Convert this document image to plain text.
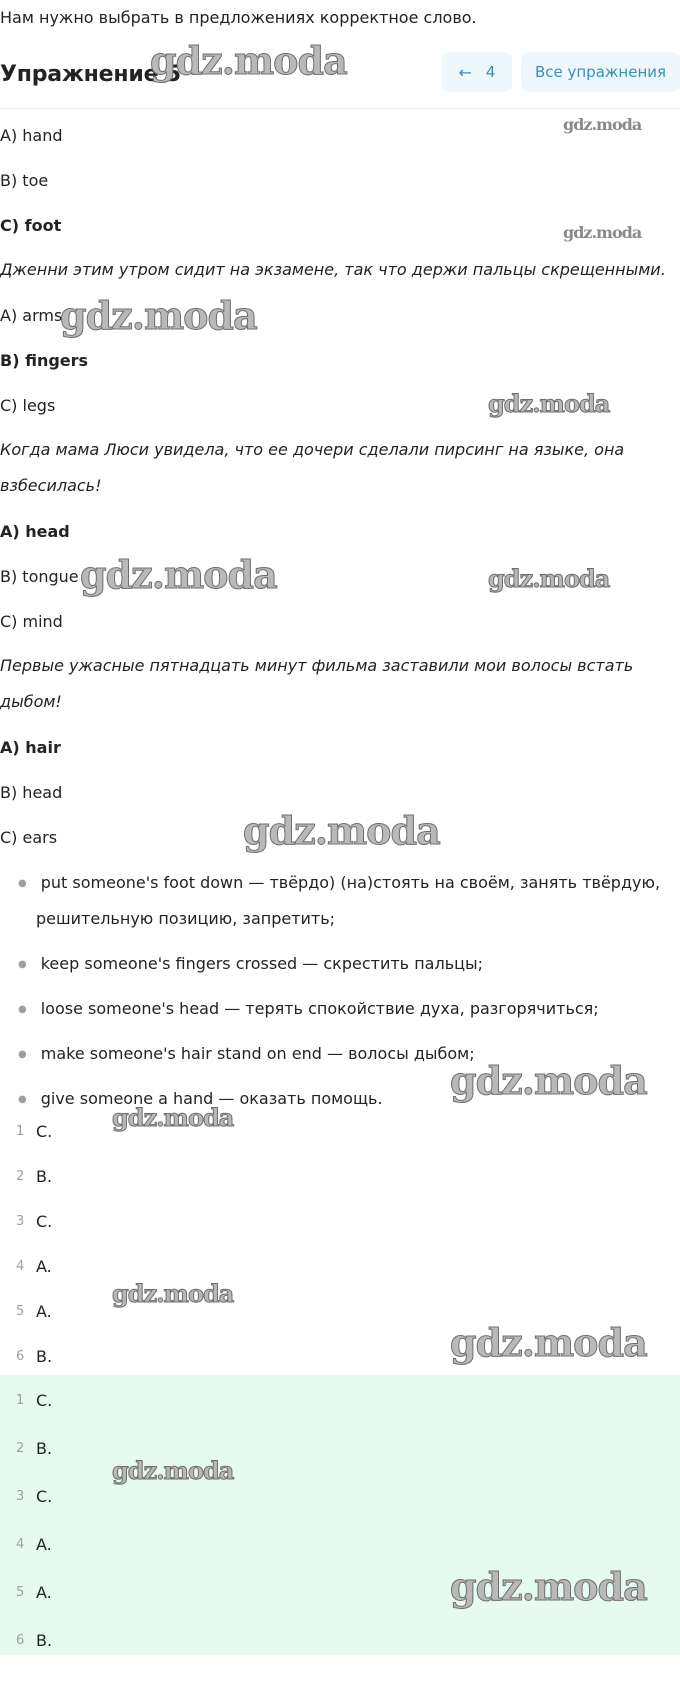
Нам нужно выбрать в предложениях корректное слово.
Упражнение 5
gdz.moda	← 4	Все упражнения
A) hand
B) toe
C) foot
gdz.moda
gdz.moda
Дженни этим утром сидит на экзамене, так что держи пальцы скрещенными.
A) arms
gdz.moda
B) fingers
C) legs	gdz.moda
Когда мама Люси увидела, что ее дочери сделали пирсинг на языке, она взбесилась!
A) head
B) tongue gdz.moda	gdz.moda
C) mind
Первые ужасные пятнадцать минут фильма заставили мои волосы встать дыбом!
A) hair
B) head
C) ears	gdz.moda
● put someone's foot down — твёрдо) (на)стоять на своём, занять твёрдую,
решительную позицию, запретить;
● keep someone's fingers crossed — скрестить пальцы;
● loose someone's head — терять спокойствие духа, разгорячиться;
● make someone's hair stand on end — волосы дыбом;
gdz.moda
● give someone a hand — оказать помощь.
1 C. gdz.moda
2 B.
3 C.
4 A.
gdz.moda
5 A.
6 B.	gdz.moda
1 C.
2 B.
gdz.moda
3 C.
4 A.
5 A.	gdz.moda
6 B.
